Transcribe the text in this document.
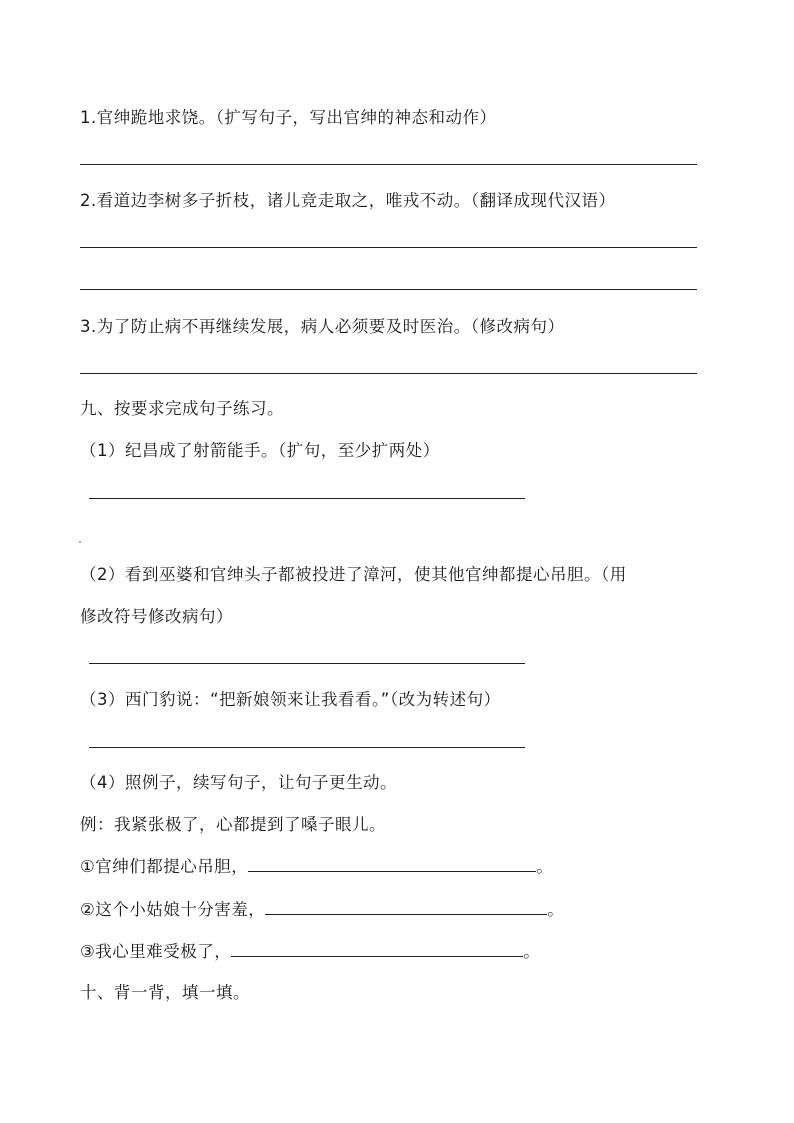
1.官绅跪地求饶。（扩写句子，写出官绅的神态和动作）
2.看道边李树多子折枝，诸儿竞走取之，唯戎不动。（翻译成现代汉语）
3.为了防止病不再继续发展，病人必须要及时医治。（修改病句）
九、按要求完成句子练习。
（1）纪昌成了射箭能手。（扩句，至少扩两处）
（2）看到巫婆和官绅头子都被投进了漳河，使其他官绅都提心吊胆。（用
修改符号修改病句）
（3）西门豹说：“把新娘领来让我看看。”（改为转述句）
（4）照例子，续写句子，让句子更生动。
例：我紧张极了，心都提到了嗓子眼儿。
①官绅们都提心吊胆，	。
②这个小姑娘十分害羞，	。
③我心里难受极了，	。
十、背一背，填一填。
